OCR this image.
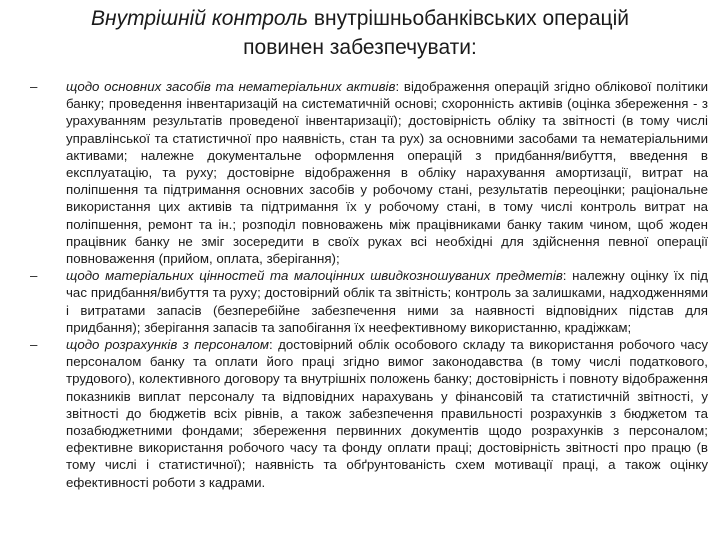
Внутрішній контроль внутрішньобанківських операцій
повинен забезпечувати:
– щодо основних засобів та нематеріальних активів: відображення операцій згідно облікової політики банку; проведення інвентаризацій на систематичній основі; схоронність активів (оцінка збереження - з урахуванням результатів проведеної інвентаризації); достовірність обліку та звітності (в тому числі управлінської та статистичної про наявність, стан та рух) за основними засобами та нематеріальними активами; належне документальне оформлення операцій з придбання/вибуття, введення в експлуатацію, та руху; достовірне відображення в обліку нарахування амортизації, витрат на поліпшення та підтримання основних засобів у робочому стані, результатів переоцінки; раціональне використання цих активів та підтримання їх у робочому стані, в тому числі контроль витрат на поліпшення, ремонт та ін.; розподіл повноважень між працівниками банку таким чином, щоб жоден працівник банку не зміг зосередити в своїх руках всі необхідні для здійснення певної операції повноваження (прийом, оплата, зберігання);
– щодо матеріальних цінностей та малоцінних швидкозношуваних предметів: належну оцінку їх під час придбання/вибуття та руху; достовірний облік та звітність; контроль за залишками, надходженнями і витратами запасів (безперебійне забезпечення ними за наявності відповідних підстав для придбання); зберігання запасів та запобігання їх неефективному використанню, крадіжкам;
– щодо розрахунків з персоналом: достовірний облік особового складу та використання робочого часу персоналом банку та оплати його праці згідно вимог законодавства (в тому числі податкового, трудового), колективного договору та внутрішніх положень банку; достовірність і повноту відображення показників виплат персоналу та відповідних нарахувань у фінансовій та статистичній звітності, у звітності до бюджетів всіх рівнів, а також забезпечення правильності розрахунків з бюджетом та позабюджетними фондами; збереження первинних документів щодо розрахунків з персоналом; ефективне використання робочого часу та фонду оплати праці; достовірність звітності про працю (в тому числі і статистичної); наявність та обґрунтованість схем мотивації праці, а також оцінку ефективності роботи з кадрами.
